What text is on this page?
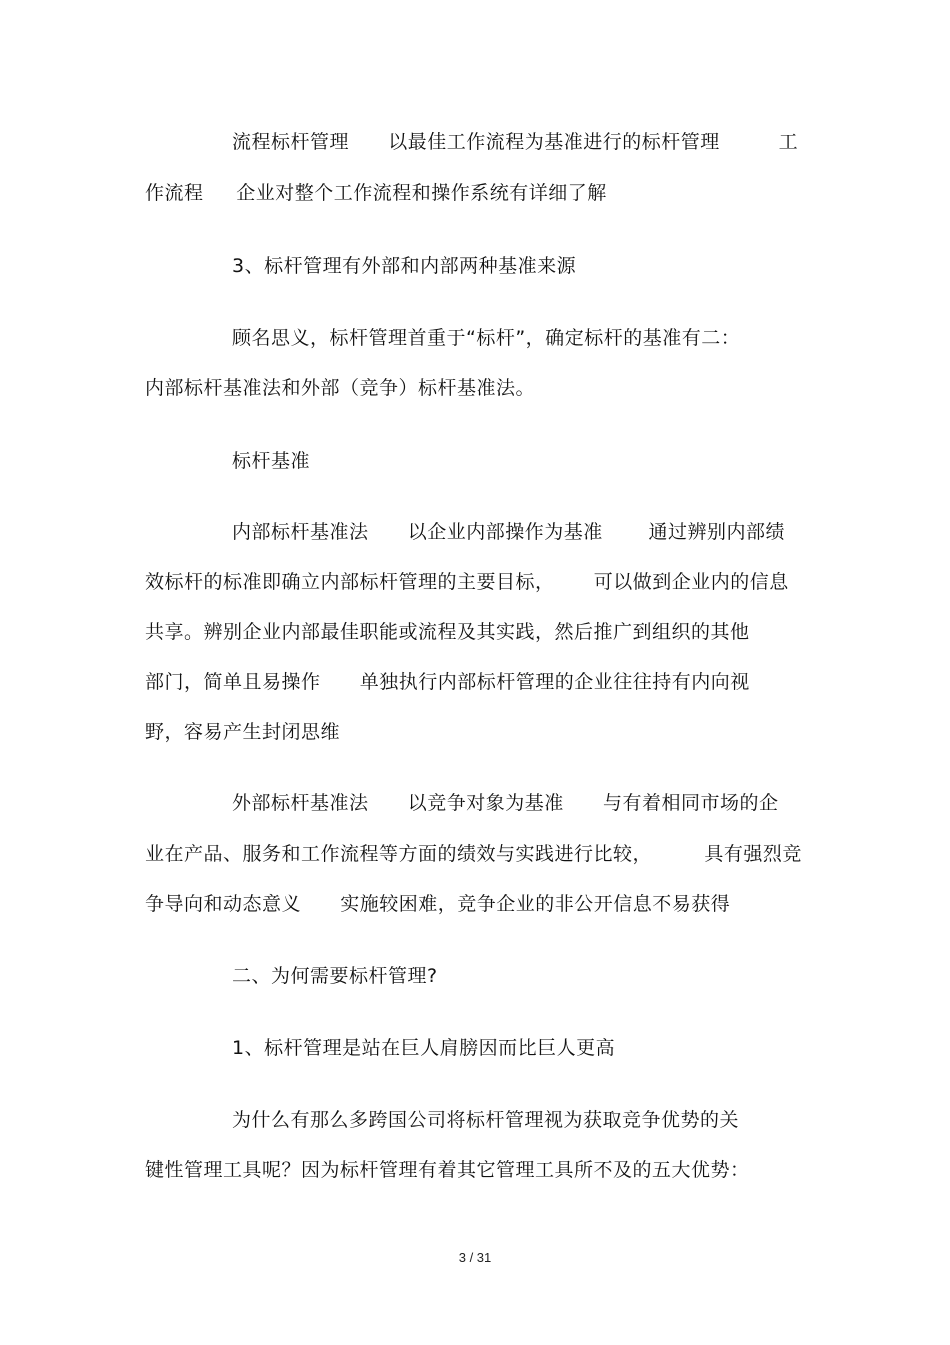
流程标杆管理      以最佳工作流程为基准进行的标杆管理         工
作流程     企业对整个工作流程和操作系统有详细了解
3、标杆管理有外部和内部两种基准来源
顾名思义，标杆管理首重于“标杆”，确定标杆的基准有二：
内部标杆基准法和外部（竞争）标杆基准法。
标杆基准
内部标杆基准法      以企业内部操作为基准       通过辨别内部绩
效标杆的标准即确立内部标杆管理的主要目标，      可以做到企业内的信息
共享。辨别企业内部最佳职能或流程及其实践，然后推广到组织的其他
部门，简单且易操作      单独执行内部标杆管理的企业往往持有内向视
野，容易产生封闭思维
外部标杆基准法      以竞争对象为基准      与有着相同市场的企
业在产品、服务和工作流程等方面的绩效与实践进行比较，        具有强烈竞
争导向和动态意义      实施较困难，竞争企业的非公开信息不易获得
二、为何需要标杆管理?
1、标杆管理是站在巨人肩膀因而比巨人更高
为什么有那么多跨国公司将标杆管理视为获取竞争优势的关
键性管理工具呢？因为标杆管理有着其它管理工具所不及的五大优势：
3 / 31
